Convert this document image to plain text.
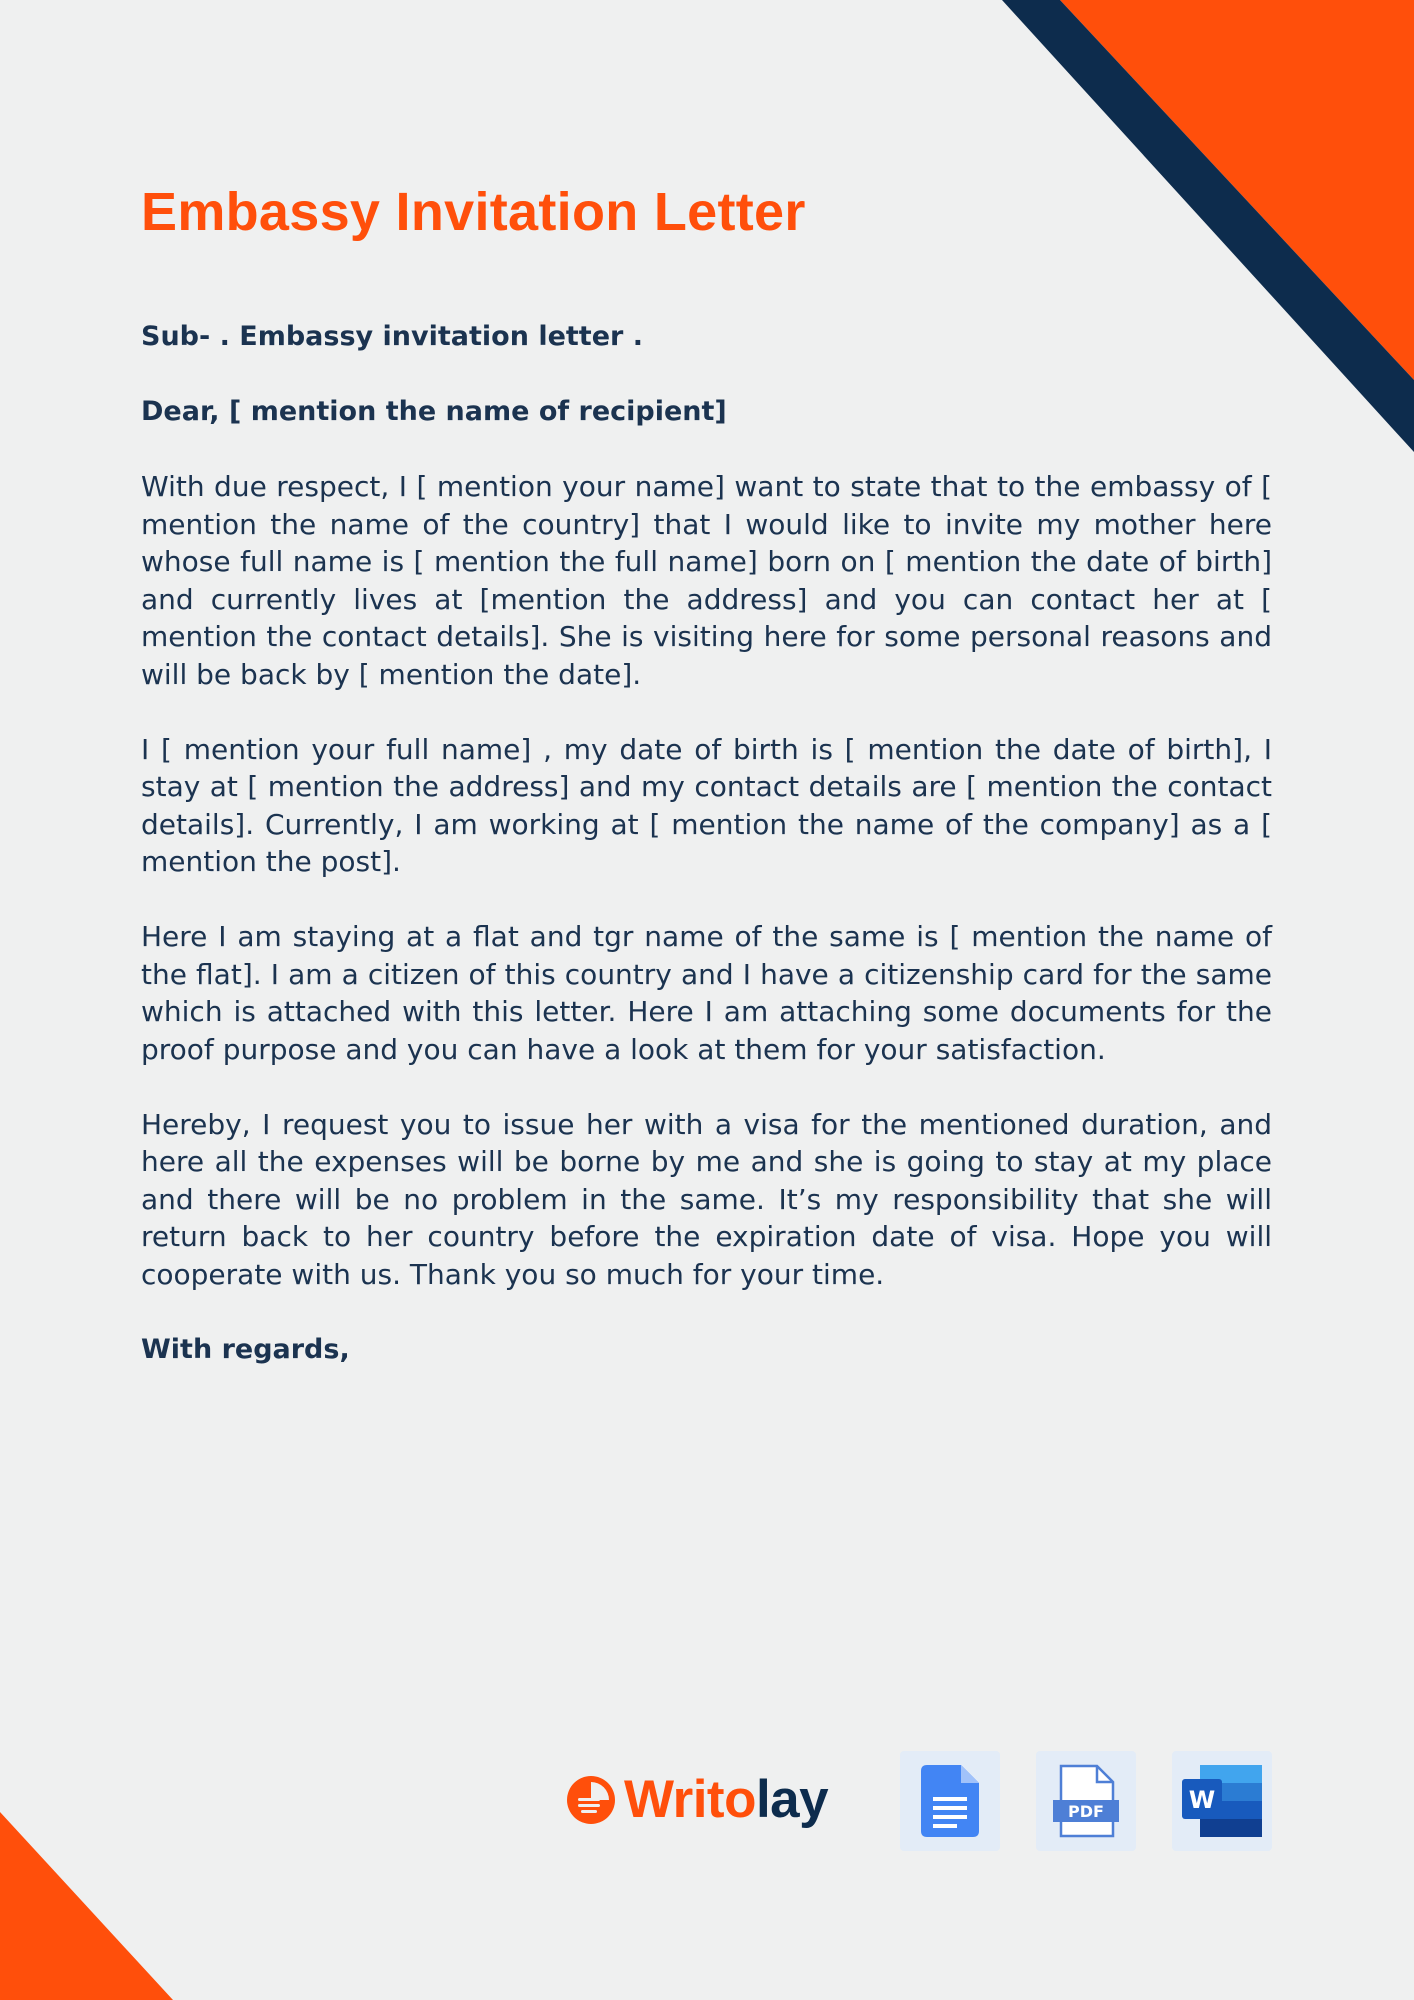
Embassy Invitation Letter

Sub- . Embassy invitation letter .

Dear, [ mention the name of recipient]

With due respect, I [ mention your name] want to state that to the embassy of [ mention the name of the country] that I would like to invite my mother here whose full name is [ mention the full name] born on [ mention the date of birth] and currently lives at [mention the address] and you can contact her at [ mention the contact details]. She is visiting here for some personal reasons and will be back by [ mention the date].

I [ mention your full name] , my date of birth is [ mention the date of birth], I stay at [ mention the address] and my contact details are [ mention the contact details]. Currently, I am working at [ mention the name of the company] as a [ mention the post].

Here I am staying at a flat and tgr name of the same is [ mention the name of the flat]. I am a citizen of this country and I have a citizenship card for the same which is attached with this letter. Here I am attaching some documents for the proof purpose and you can have a look at them for your satisfaction.

Hereby, I request you to issue her with a visa for the mentioned duration, and here all the expenses will be borne by me and she is going to stay at my place and there will be no problem in the same. It’s my responsibility that she will return back to her country before the expiration date of visa. Hope you will cooperate with us. Thank you so much for your time.

With regards,

Writolay	PDF	W
